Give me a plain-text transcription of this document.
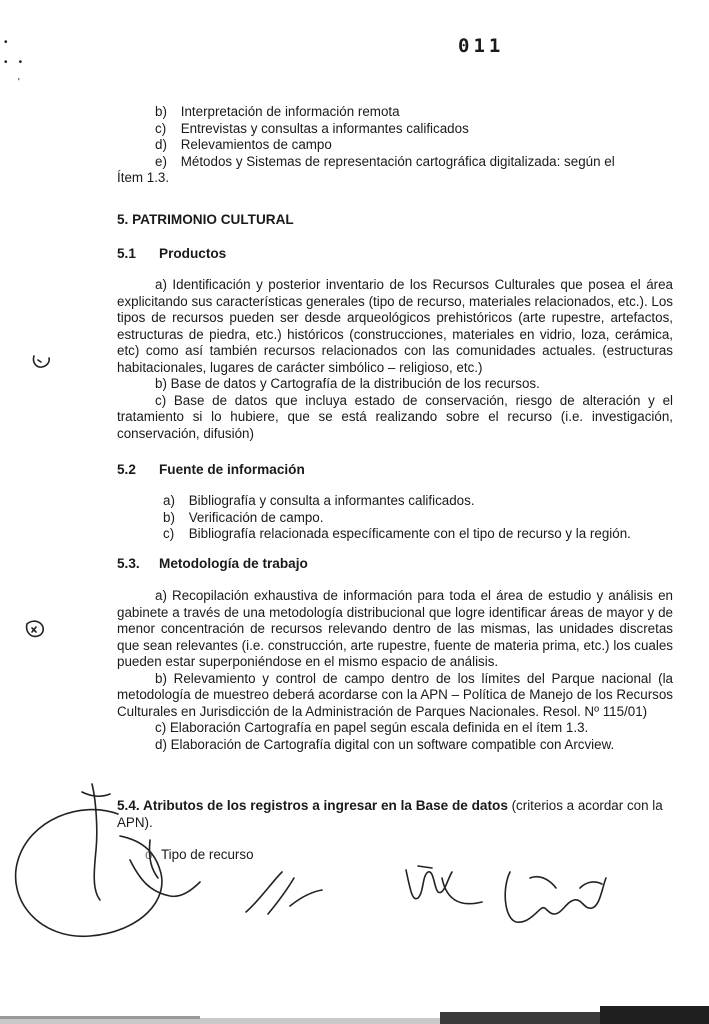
011
b) Interpretación de información remota
c) Entrevistas y consultas a informantes calificados
d) Relevamientos de campo
e) Métodos y Sistemas de representación cartográfica digitalizada: según el
Ítem 1.3.
5. PATRIMONIO CULTURAL
5.1 Productos
a) Identificación y posterior inventario de los Recursos Culturales que posea el área explicitando sus características generales (tipo de recurso, materiales relacionados, etc.). Los tipos de recursos pueden ser desde arqueológicos prehistóricos (arte rupestre, artefactos, estructuras de piedra, etc.) históricos (construcciones, materiales en vidrio, loza, cerámica, etc) como así también recursos relacionados con las comunidades actuales. (estructuras habitacionales, lugares de carácter simbólico – religioso, etc.)
b) Base de datos y Cartografía de la distribución de los recursos.
c) Base de datos que incluya estado de conservación, riesgo de alteración y el tratamiento si lo hubiere, que se está realizando sobre el recurso (i.e. investigación, conservación, difusión)
5.2 Fuente de información
a) Bibliografía y consulta a informantes calificados.
b) Verificación de campo.
c) Bibliografía relacionada específicamente con el tipo de recurso y la región.
5.3. Metodología de trabajo
a) Recopilación exhaustiva de información para toda el área de estudio y análisis en gabinete a través de una metodología distribucional que logre identificar áreas de mayor y de menor concentración de recursos relevando dentro de las mismas, las unidades discretas que sean relevantes (i.e. construcción, arte rupestre, fuente de materia prima, etc.) los cuales pueden estar superponiéndose en el mismo espacio de análisis.
b) Relevamiento y control de campo dentro de los límites del Parque nacional (la metodología de muestreo deberá acordarse con la APN – Política de Manejo de los Recursos Culturales en Jurisdicción de la Administración de Parques Nacionales. Resol. Nº 115/01)
c) Elaboración Cartografía en papel según escala definida en el ítem 1.3.
d) Elaboración de Cartografía digital con un software compatible con Arcview.
5.4. Atributos de los registros a ingresar en la Base de datos (criterios a acordar con la APN).
o Tipo de recurso
•

•    •

'
